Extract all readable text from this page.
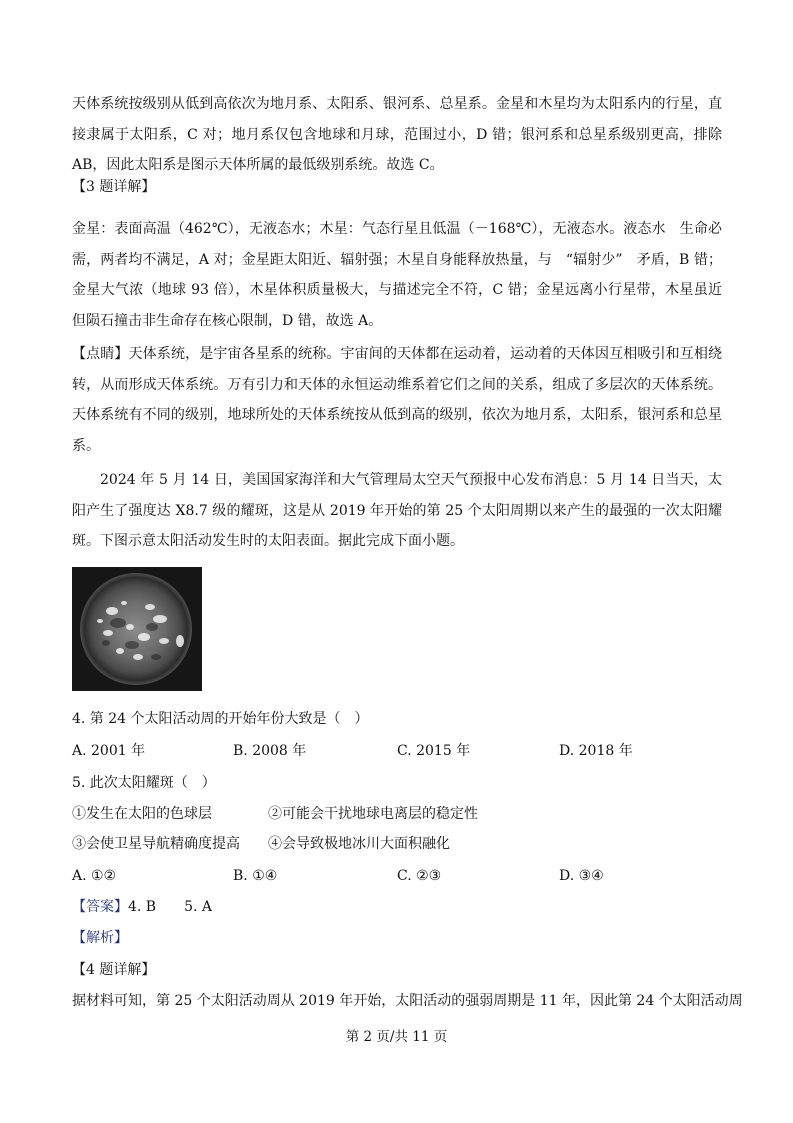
天体系统按级别从低到高依次为地月系、太阳系、银河系、总星系。金星和木星均为太阳系内的行星，直接隶属于太阳系，C 对；地月系仅包含地球和月球，范围过小，D 错；银河系和总星系级别更高，排除 AB，因此太阳系是图示天体所属的最低级别系统。故选 C。
【3 题详解】
金星：表面高温（462℃），无液态水；木星：气态行星且低温（－168℃），无液态水。液态水　生命必需，两者均不满足，A 对；金星距太阳近、辐射强；木星自身能释放热量，与　“辐射少”　矛盾，B 错；金星大气浓（地球 93 倍），木星体积质量极大，与描述完全不符，C 错；金星远离小行星带，木星虽近但陨石撞击非生命存在核心限制，D 错，故选 A。
【点睛】天体系统，是宇宙各星系的统称。宇宙间的天体都在运动着，运动着的天体因互相吸引和互相绕转，从而形成天体系统。万有引力和天体的永恒运动维系着它们之间的关系，组成了多层次的天体系统。天体系统有不同的级别，地球所处的天体系统按从低到高的级别，依次为地月系，太阳系，银河系和总星系。
2024 年 5 月 14 日，美国国家海洋和大气管理局太空天气预报中心发布消息：5 月 14 日当天，太阳产生了强度达 X8.7 级的耀斑，这是从 2019 年开始的第 25 个太阳周期以来产生的最强的一次太阳耀斑。下图示意太阳活动发生时的太阳表面。据此完成下面小题。
4. 第 24 个太阳活动周的开始年份大致是（　）
A. 2001 年	B. 2008 年	C. 2015 年	D. 2018 年
5. 此次太阳耀斑（　）
①发生在太阳的色球层	②可能会干扰地球电离层的稳定性
③会使卫星导航精确度提高 ④会导致极地冰川大面积融化
A. ①②	B. ①④	C. ②③	D. ③④
【答案】4. B　　5. A
【解析】
【4 题详解】
据材料可知，第 25 个太阳活动周从 2019 年开始，太阳活动的强弱周期是 11 年，因此第 24 个太阳活动周
第 2 页/共 11 页
